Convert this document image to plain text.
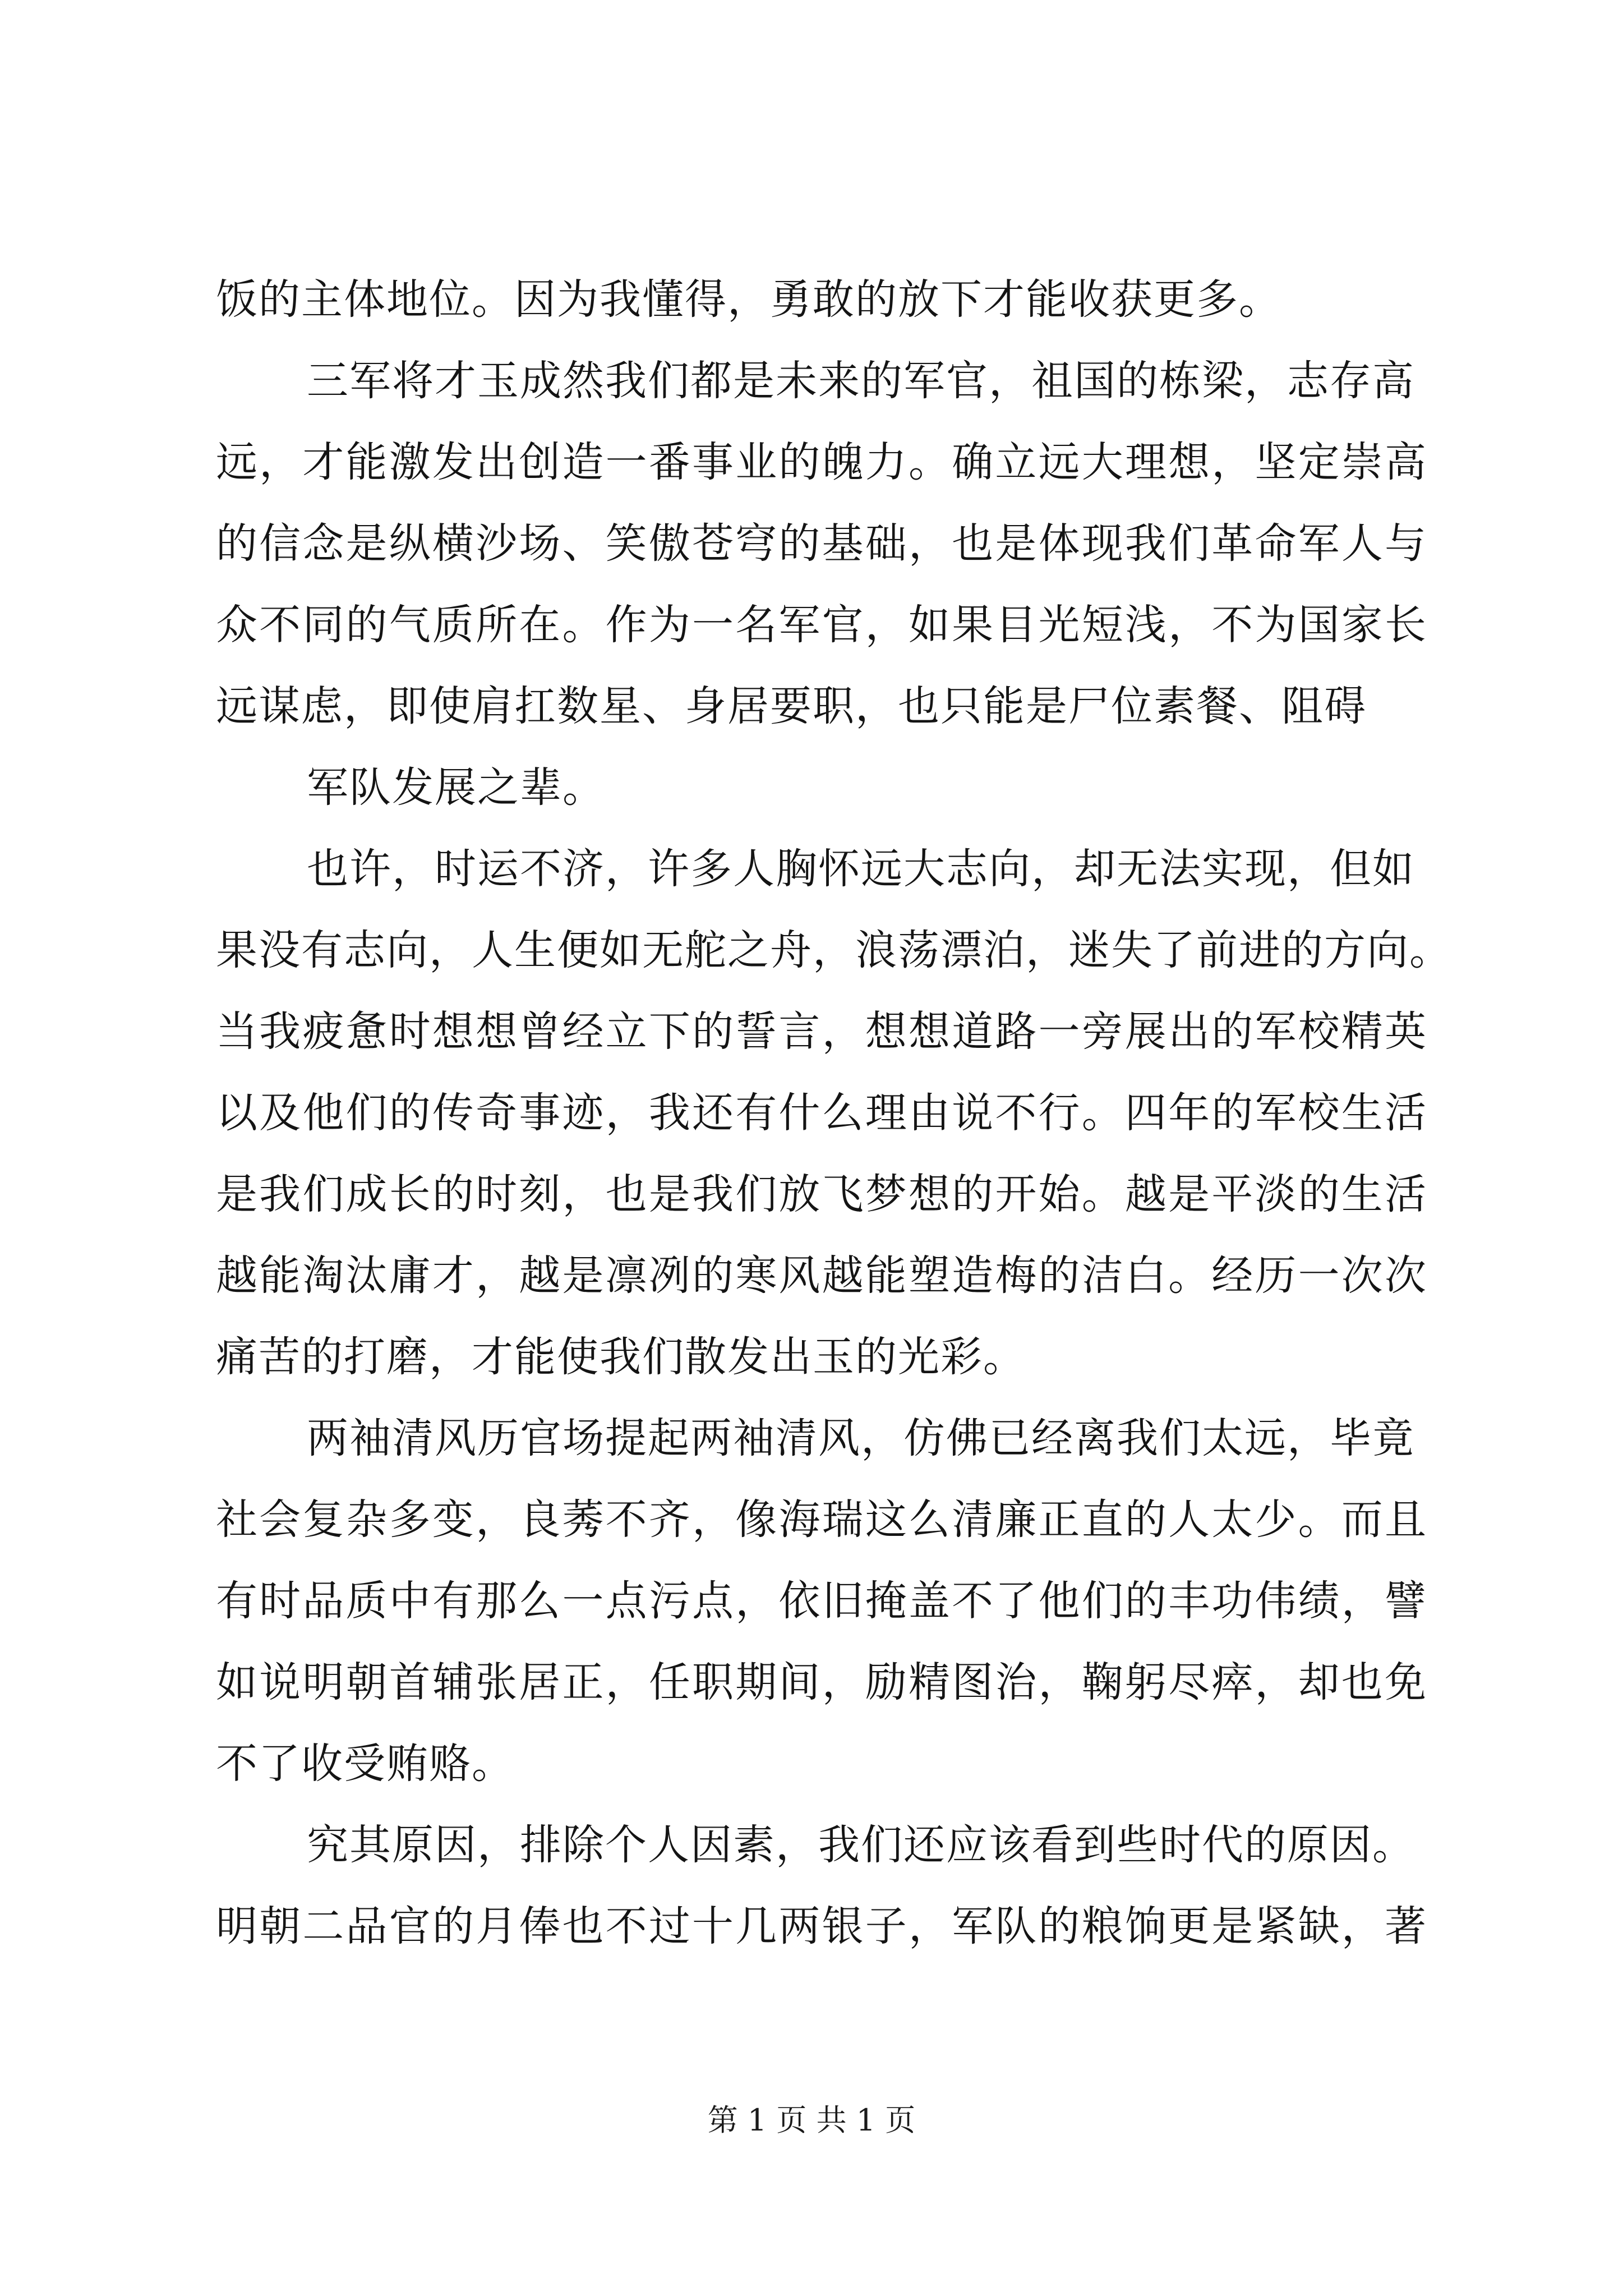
饭的主体地位。因为我懂得，勇敢的放下才能收获更多。
三军将才玉成然我们都是未来的军官，祖国的栋梁，志存高
远，才能激发出创造一番事业的魄力。确立远大理想，坚定崇高
的信念是纵横沙场、笑傲苍穹的基础，也是体现我们革命军人与
众不同的气质所在。作为一名军官，如果目光短浅，不为国家长
远谋虑，即使肩扛数星、身居要职，也只能是尸位素餐、阻碍
军队发展之辈。
也许，时运不济，许多人胸怀远大志向，却无法实现，但如
果没有志向，人生便如无舵之舟，浪荡漂泊，迷失了前进的方向。
当我疲惫时想想曾经立下的誓言，想想道路一旁展出的军校精英
以及他们的传奇事迹，我还有什么理由说不行。四年的军校生活
是我们成长的时刻，也是我们放飞梦想的开始。越是平淡的生活
越能淘汰庸才，越是凛冽的寒风越能塑造梅的洁白。经历一次次
痛苦的打磨，才能使我们散发出玉的光彩。
两袖清风历官场提起两袖清风，仿佛已经离我们太远，毕竟
社会复杂多变，良莠不齐，像海瑞这么清廉正直的人太少。而且
有时品质中有那么一点污点，依旧掩盖不了他们的丰功伟绩，譬
如说明朝首辅张居正，任职期间，励精图治，鞠躬尽瘁，却也免
不了收受贿赂。
究其原因，排除个人因素，我们还应该看到些时代的原因。
明朝二品官的月俸也不过十几两银子，军队的粮饷更是紧缺，著
第 1 页 共 1 页
